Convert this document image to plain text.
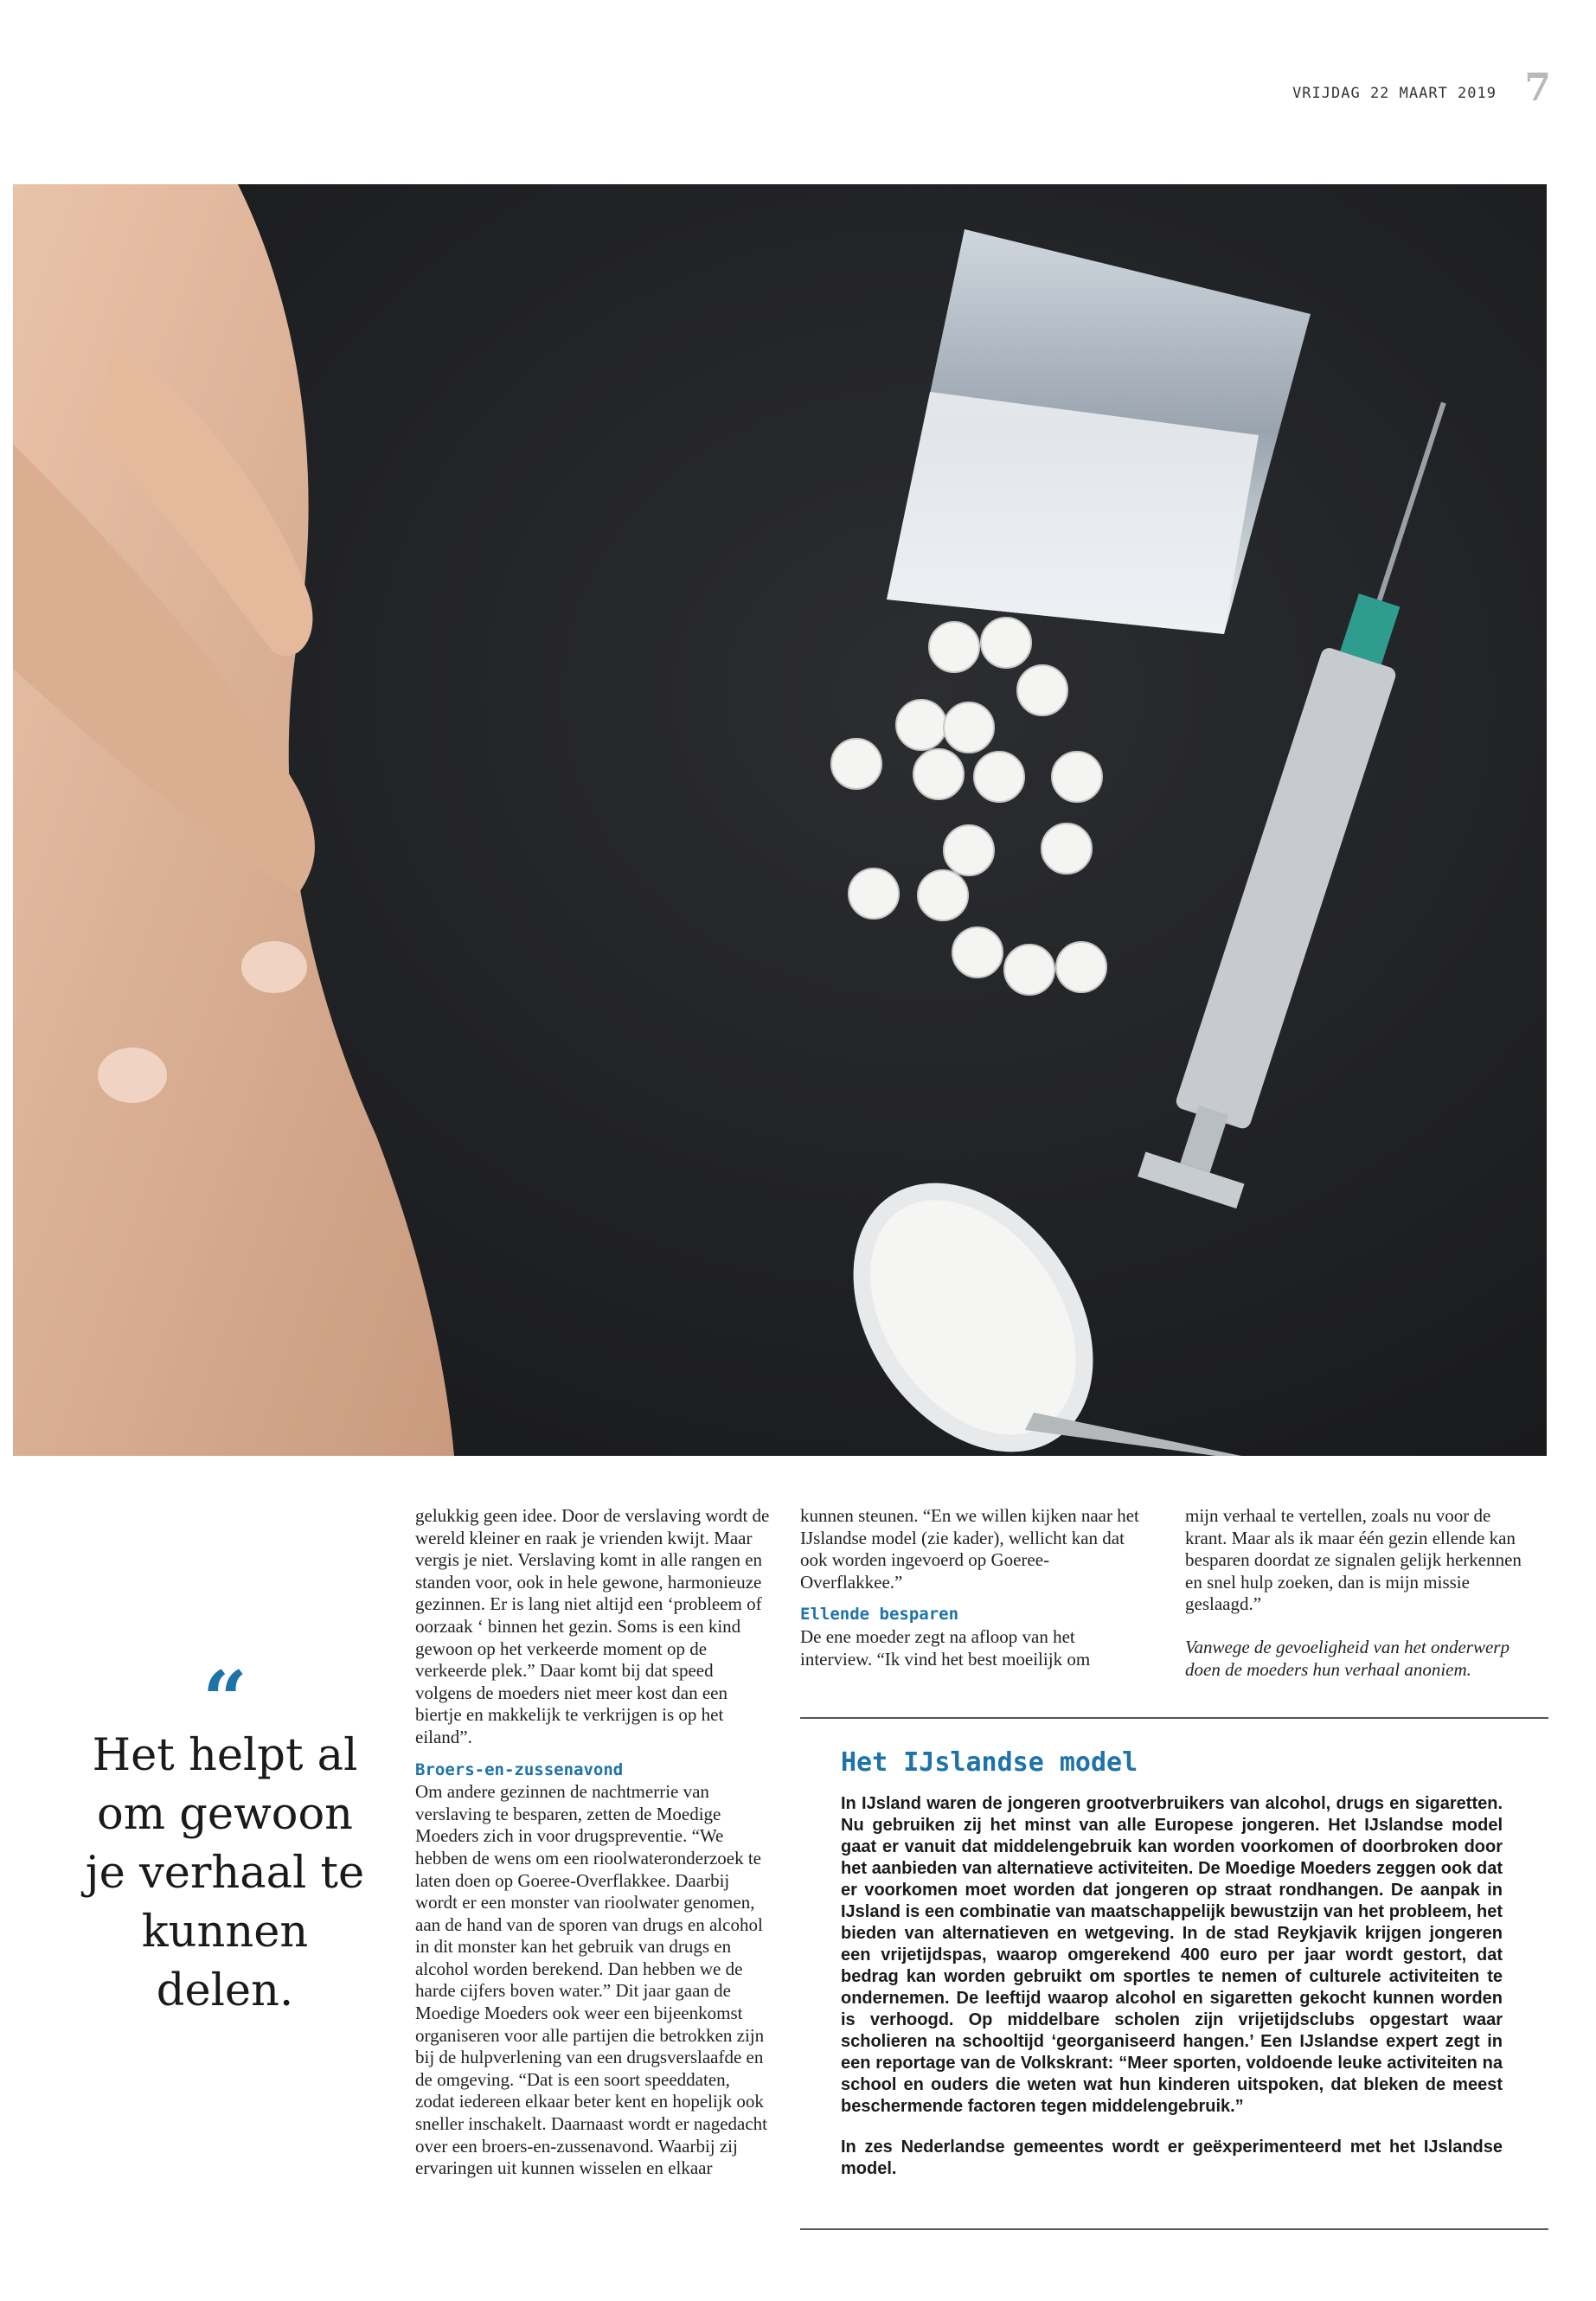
VRIJDAG 22 MAART 2019 7
“
Het helpt al om gewoon je verhaal te kunnen delen.

gelukkig geen idee. Door de verslaving wordt de wereld kleiner en raak je vrienden kwijt. Maar vergis je niet. Verslaving komt in alle rangen en standen voor, ook in hele gewone, harmonieuze gezinnen. Er is lang niet altijd een ‘probleem of oorzaak ‘ binnen het gezin. Soms is een kind gewoon op het verkeerde moment op de verkeerde plek.” Daar komt bij dat speed volgens de moeders niet meer kost dan een biertje en makkelijk te verkrijgen is op het eiland”.

Broers-en-zussenavond

Om andere gezinnen de nachtmerrie van verslaving te besparen, zetten de Moedige Moeders zich in voor drugspreventie. “We hebben de wens om een rioolwateronderzoek te laten doen op Goeree-Overflakkee. Daarbij wordt er een monster van rioolwater genomen, aan de hand van de sporen van drugs en alcohol in dit monster kan het gebruik van drugs en alcohol worden berekend. Dan hebben we de harde cijfers boven water.” Dit jaar gaan de Moedige Moeders ook weer een bijeenkomst organiseren voor alle partijen die betrokken zijn bij de hulpverlening van een drugsverslaafde en de omgeving. “Dat is een soort speeddaten, zodat iedereen elkaar beter kent en hopelijk ook sneller inschakelt. Daarnaast wordt er nagedacht over een broers-en-zussenavond. Waarbij zij ervaringen uit kunnen wisselen en elkaar

kunnen steunen. “En we willen kijken naar het IJslandse model (zie kader), wellicht kan dat ook worden ingevoerd op Goeree-Overflakkee.”

Ellende besparen

De ene moeder zegt na afloop van het interview. “Ik vind het best moeilijk om

mijn verhaal te vertellen, zoals nu voor de krant. Maar als ik maar één gezin ellende kan besparen doordat ze signalen gelijk herkennen en snel hulp zoeken, dan is mijn missie geslaagd.”

Vanwege de gevoeligheid van het onderwerp doen de moeders hun verhaal anoniem.

Het IJslandse model

In IJsland waren de jongeren grootverbruikers van alcohol, drugs en sigaretten. Nu gebruiken zij het minst van alle Europese jongeren. Het IJslandse model gaat er vanuit dat middelengebruik kan worden voorkomen of doorbroken door het aanbieden van alternatieve activiteiten. De Moedige Moeders zeggen ook dat er voorkomen moet worden dat jongeren op straat rondhangen. De aanpak in IJsland is een combinatie van maatschappelijk bewustzijn van het probleem, het bieden van alternatieven en wetgeving. In de stad Reykjavik krijgen jongeren een vrijetijdspas, waarop omgerekend 400 euro per jaar wordt gestort, dat bedrag kan worden gebruikt om sportles te nemen of culturele activiteiten te ondernemen. De leeftijd waarop alcohol en sigaretten gekocht kunnen worden is verhoogd. Op middelbare scholen zijn vrijetijdsclubs opgestart waar scholieren na schooltijd ‘georganiseerd hangen.’ Een IJslandse expert zegt in een reportage van de Volkskrant: “Meer sporten, voldoende leuke activiteiten na school en ouders die weten wat hun kinderen uitspoken, dat bleken de meest beschermende factoren tegen middelengebruik.”

In zes Nederlandse gemeentes wordt er geëxperimenteerd met het IJslandse model.
